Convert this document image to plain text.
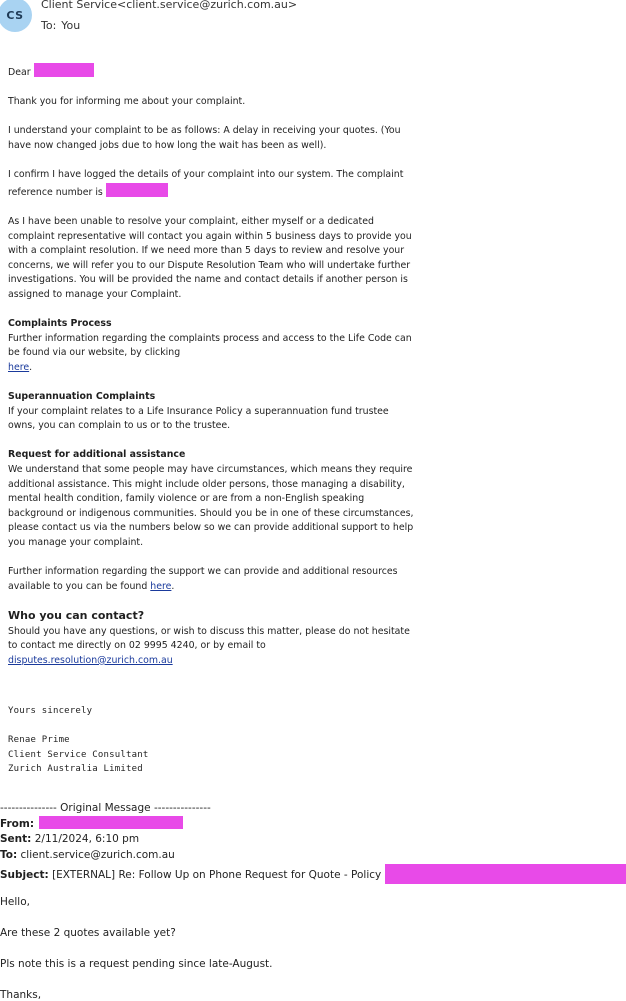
CS
Client Service<client.service@zurich.com.au>
To: You

Dear

Thank you for informing me about your complaint.

I understand your complaint to be as follows: A delay in receiving your quotes. (You have now changed jobs due to how long the wait has been as well).

I confirm I have logged the details of your complaint into our system. The complaint reference number is

As I have been unable to resolve your complaint, either myself or a dedicated complaint representative will contact you again within 5 business days to provide you with a complaint resolution. If we need more than 5 days to review and resolve your concerns, we will refer you to our Dispute Resolution Team who will undertake further investigations. You will be provided the name and contact details if another person is assigned to manage your Complaint.

Complaints Process
Further information regarding the complaints process and access to the Life Code can be found via our website, by clicking
here.

Superannuation Complaints
If your complaint relates to a Life Insurance Policy a superannuation fund trustee owns, you can complain to us or to the trustee.

Request for additional assistance
We understand that some people may have circumstances, which means they require additional assistance. This might include older persons, those managing a disability, mental health condition, family violence or are from a non-English speaking background or indigenous communities. Should you be in one of these circumstances, please contact us via the numbers below so we can provide additional support to help you manage your complaint.

Further information regarding the support we can provide and additional resources available to you can be found here.

Who you can contact?
Should you have any questions, or wish to discuss this matter, please do not hesitate to contact me directly on 02 9995 4240, or by email to disputes.resolution@zurich.com.au

Yours sincerely

Renae Prime
Client Service Consultant
Zurich Australia Limited
--------------- Original Message ---------------
From:
Sent: 2/11/2024, 6:10 pm
To: client.service@zurich.com.au
Subject: [EXTERNAL] Re: Follow Up on Phone Request for Quote - Policy
Hello,
Are these 2 quotes available yet?
Pls note this is a request pending since late-August.
Thanks,
